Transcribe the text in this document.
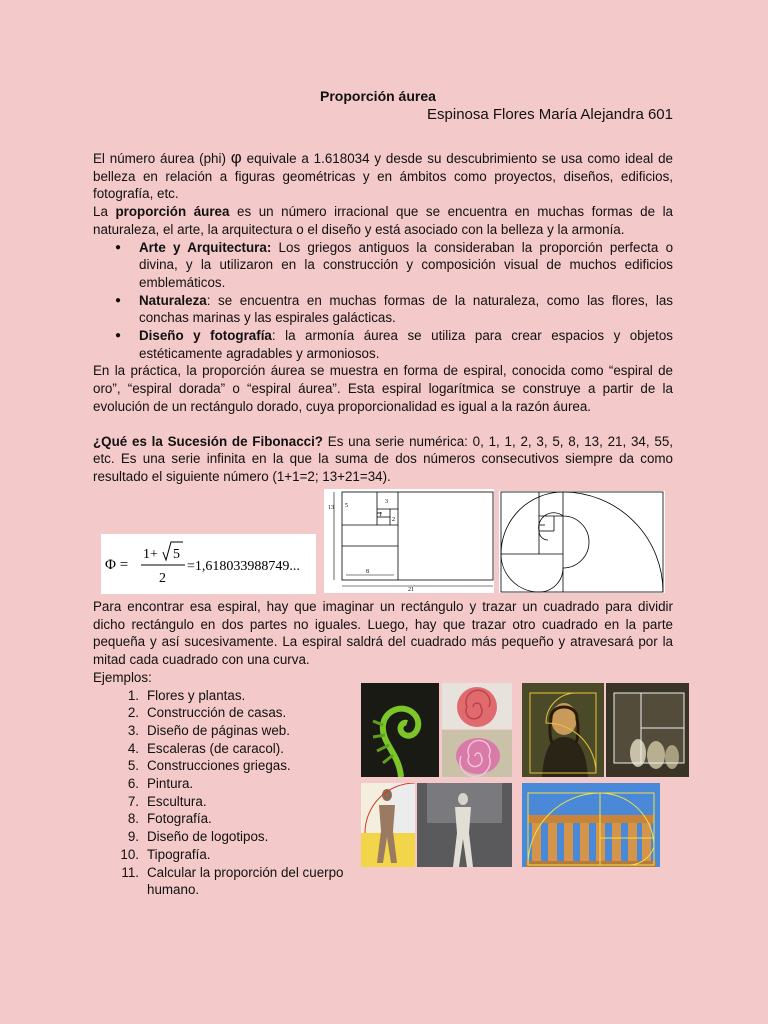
Proporción áurea
Espinosa Flores María Alejandra 601

El número áurea (phi) φ equivale a 1.618034 y desde su descubrimiento se usa como ideal de belleza en relación a figuras geométricas y en ámbitos como proyectos, diseños, edificios, fotografía, etc.

La proporción áurea es un número irracional que se encuentra en muchas formas de la naturaleza, el arte, la arquitectura o el diseño y está asociado con la belleza y la armonía.

● Arte y Arquitectura: Los griegos antiguos la consideraban la proporción perfecta o divina, y la utilizaron en la construcción y composición visual de muchos edificios emblemáticos.
● Naturaleza: se encuentra en muchas formas de la naturaleza, como las flores, las conchas marinas y las espirales galácticas.
● Diseño y fotografía: la armonía áurea se utiliza para crear espacios y objetos estéticamente agradables y armoniosos.

En la práctica, la proporción áurea se muestra en forma de espiral, conocida como “espiral de oro”, “espiral dorada” o “espiral áurea”. Esta espiral logarítmica se construye a partir de la evolución de un rectángulo dorado, cuya proporcionalidad es igual a la razón áurea.

¿Qué es la Sucesión de Fibonacci? Es una serie numérica: 0, 1, 1, 2, 3, 5, 8, 13, 21, 34, 55, etc. Es una serie infinita en la que la suma de dos números consecutivos siempre da como resultado el siguiente número (1+1=2; 13+21=34).

Φ =
1+ 5
2
=1,618033988749...
13
21
8
5
3
2
1

Para encontrar esa espiral, hay que imaginar un rectángulo y trazar un cuadrado para dividir dicho rectángulo en dos partes no iguales. Luego, hay que trazar otro cuadrado en la parte pequeña y así sucesivamente. La espiral saldrá del cuadrado más pequeño y atravesará por la mitad cada cuadrado con una curva.

Ejemplos:

1. Flores y plantas.
2. Construcción de casas.
3. Diseño de páginas web.
4. Escaleras (de caracol).
5. Construcciones griegas.
6. Pintura.
7. Escultura.
8. Fotografía.
9. Diseño de logotipos.
10. Tipografía.
11. Calcular la proporción del cuerpo humano.
